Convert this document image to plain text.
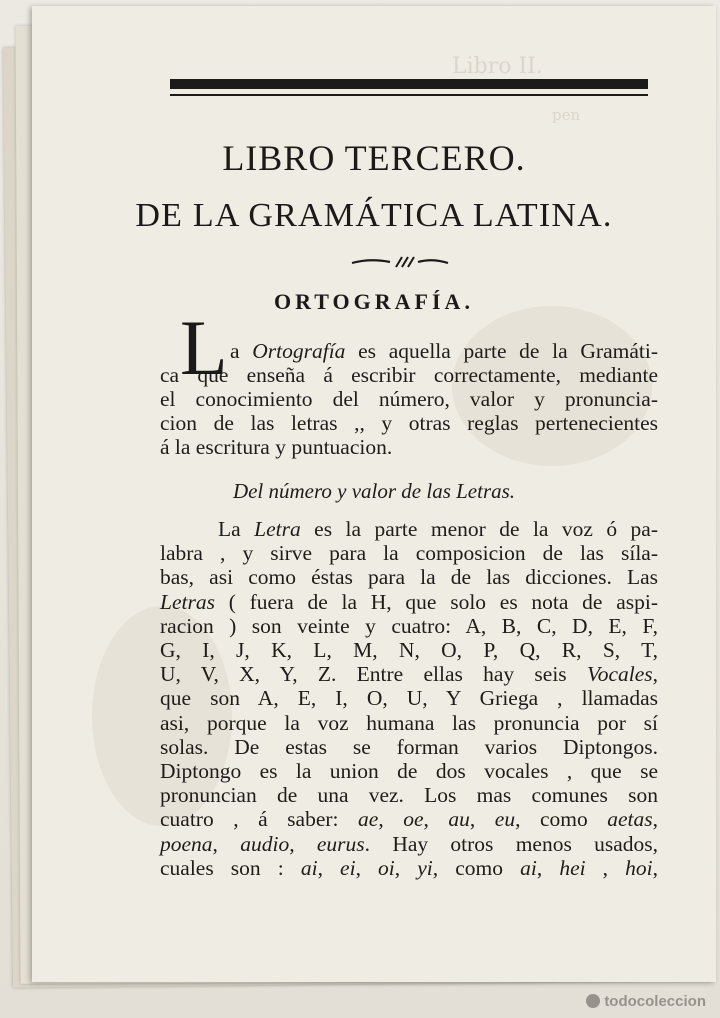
Libro II.
pen
LIBRO TERCERO.
DE LA GRAMÁTICA LATINA.
ORTOGRAFÍA.
L a Ortografía es aquella parte de la Gramáti-
ca que enseña á escribir correctamente, mediante
el conocimiento del número, valor y pronuncia-
cion de las letras ,, y otras reglas pertenecientes
á la escritura y puntuacion.
Del número y valor de las Letras.
La Letra es la parte menor de la voz ó pa-
labra , y sirve para la composicion de las síla-
bas, asi como éstas para la de las dicciones. Las
Letras ( fuera de la H, que solo es nota de aspi-
racion ) son veinte y cuatro: A, B, C, D, E, F,
G, I, J, K, L, M, N, O, P, Q, R, S, T,
U, V, X, Y, Z. Entre ellas hay seis Vocales,
que son A, E, I, O, U, Y Griega , llamadas
asi, porque la voz humana las pronuncia por sí
solas. De estas se forman varios Diptongos.
Diptongo es la union de dos vocales , que se
pronuncian de una vez. Los mas comunes son
cuatro , á saber: ae, oe, au, eu, como aetas,
poena, audio, eurus. Hay otros menos usados,
cuales son : ai, ei, oi, yi, como ai, hei , hoi,
todocoleccion
